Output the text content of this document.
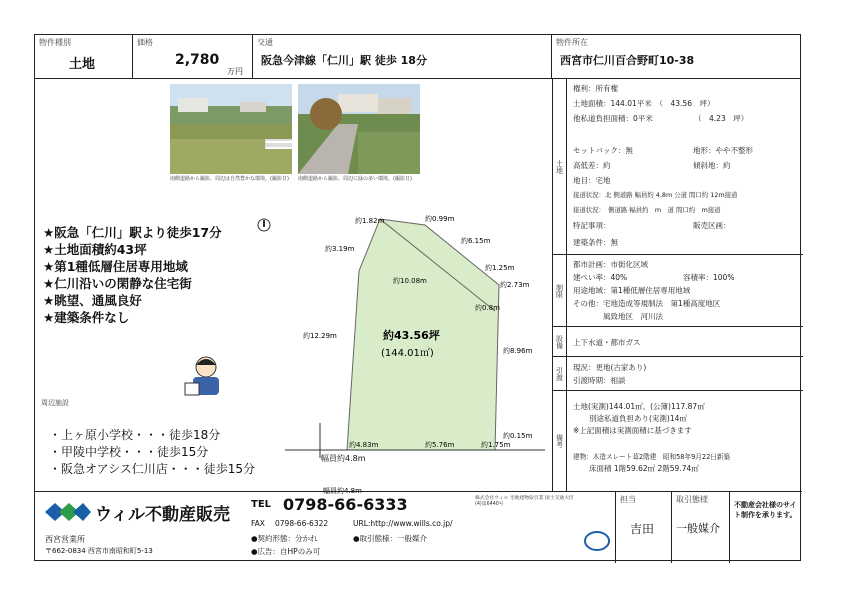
物件種別
土地
価格
2,780
万円
交通
阪急今津線「仁川」駅 徒歩 18分
物件所在
西宮市仁川百合野町10-38
南側道路から撮影。周辺は自然豊かな環境。(撮影日)	南側道路から撮影。周辺に緑の多い環境。(撮影日)
★阪急「仁川」駅より徒歩17分
★土地面積約43坪
★第1種低層住居専用地域
★仁川沿いの閑静な住宅街
★眺望、通風良好
★建築条件なし
約1.82m	約0.99m
約6.15m
約3.19m
約1.25m
約10.08m	約2.73m
約0.8m
約12.29m
約8.96m
約0.15m
約4.83m	約5.76m	約1.75m
約43.56坪
(144.01㎡)
幅員約4.8m
幅員約4.8m
周辺施設
・上ヶ原小学校・・・徒歩18分
・甲陵中学校・・・徒歩15分
・阪急オアシス仁川店・・・徒歩15分
土地
権利：所有権
土地面積：144.01平米　（　43.56　坪）
他私道負担面積：0平米　　　　　　（　4.23　坪）
セットバック：無	地形：やや不整形
高低差：約	傾斜地：約
地目：宅地
接道状況：北 側道路 幅員約 4.8m 公道 間口約 12m接道
接道状況：　側道路 幅員約　m　道 間口約　m接道
特記事項：	販売区画：
建築条件：無
制限
都市計画：市街化区域
建ぺい率：40%	容積率：100%
用途地域：第1種低層住居専用地域
その他：宅地造成等規制法　第1種高度地区
風致地区　河川法
設備	上下水道・都市ガス
引渡	現況：更地(古家あり)
引渡時期：相談
備考
土地(実測)144.01㎡、(公簿)117.87㎡
別途私道負担あり(実測)14㎡
※上記面積は実測面積に基づきます
建物：木造スレート葺2階建　昭和58年9月22日新築
床面積 1階59.62㎡ 2階59.74㎡
ウィル不動産販売
西宮営業所
〒662-0834 西宮市南昭和町5-13
TEL 0798-66-6333
FAX 0798-66-6322	URL:http://www.wills.co.jp/
●契約形態：分かれ	●取引態様：一般媒介
●広告：自HPのみ可
株式会社ウィル 宅地建物取引業 国土交通大臣(4)第6440号
担当
吉田
取引態様
一般媒介
不動産会社様のサイト制作を承ります。
